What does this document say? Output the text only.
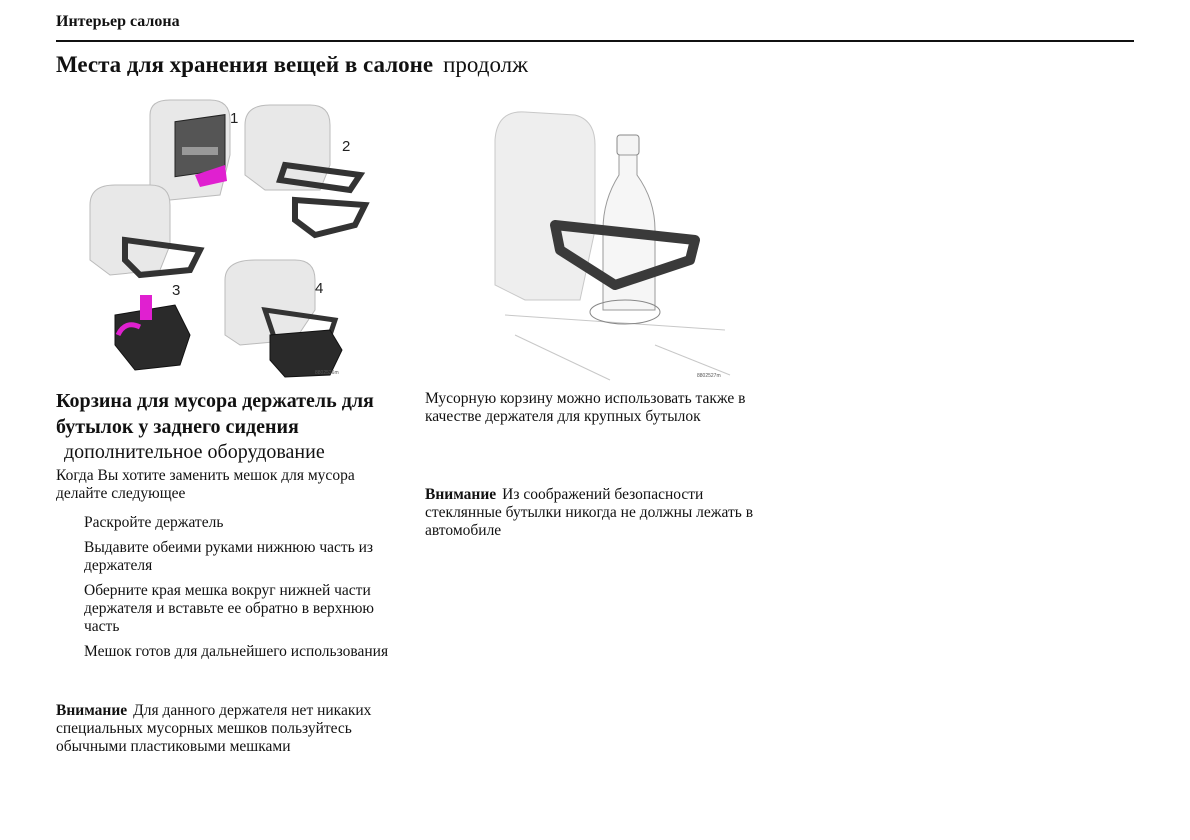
Интерьер салона
Места для хранения вещей в салоне продолж
1
2
3	4
8802526m	8802527m
Корзина для мусора держатель для бутылок у заднего сидения
дополнительное оборудование
Когда Вы хотите заменить мешок для мусора делайте следующее
Раскройте держатель
Выдавите обеими руками нижнюю часть из держателя
Оберните края мешка вокруг нижней части держателя и вставьте ее обратно в верхнюю часть
Мешок готов для дальнейшего использования
Внимание Для данного держателя нет никаких специальных мусорных мешков пользуйтесь обычными пластиковыми мешками
Мусорную корзину можно использовать также в качестве держателя для крупных бутылок
Внимание Из соображений безопасности стеклянные бутылки никогда не должны лежать в автомобиле
